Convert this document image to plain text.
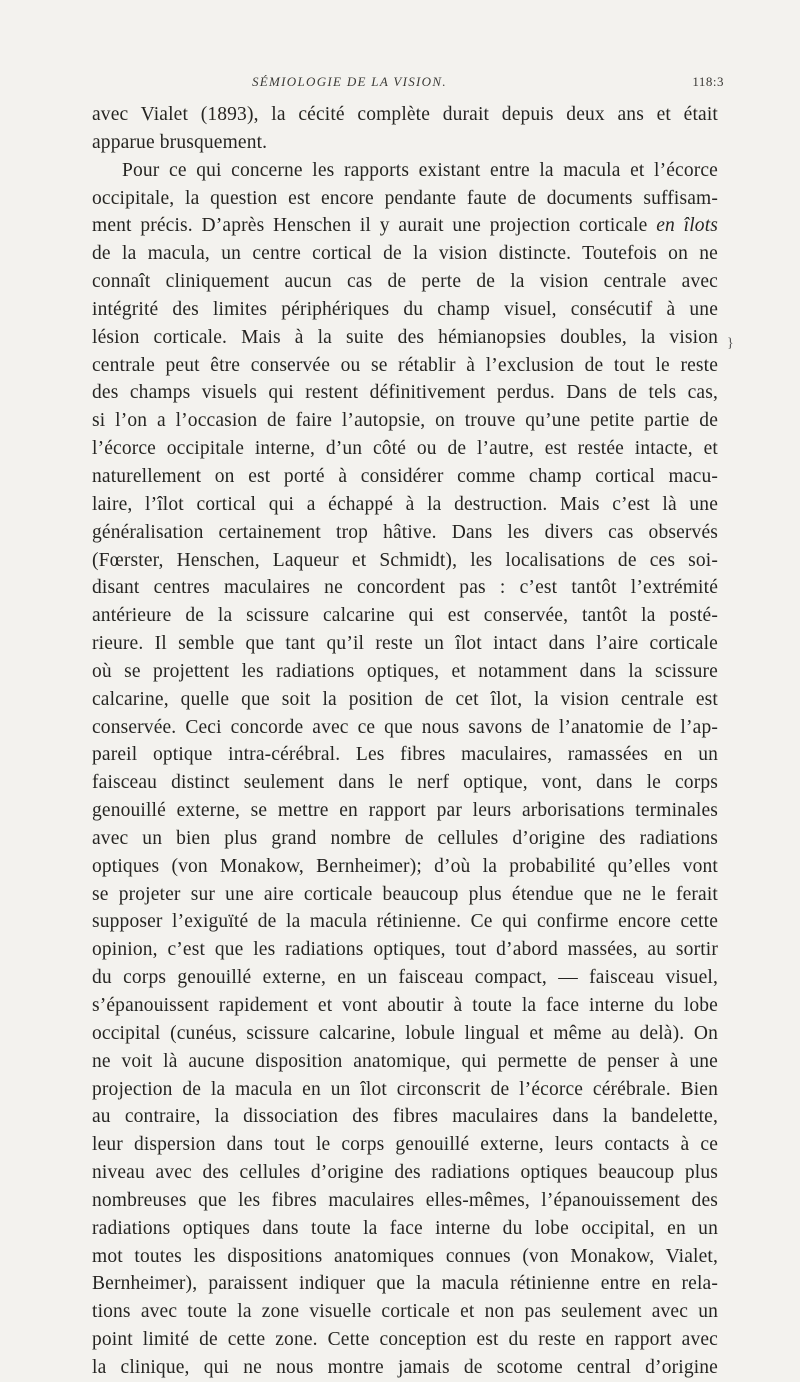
SÉMIOLOGIE DE LA VISION.	118:3
}
avec Vialet (1893), la cécité complète durait depuis deux ans et était
apparue brusquement.
Pour ce qui concerne les rapports existant entre la macula et l’écorce
occipitale, la question est encore pendante faute de documents suffisam-
ment précis. D’après Henschen il y aurait une projection corticale en îlots
de la macula, un centre cortical de la vision distincte. Toutefois on ne
connaît cliniquement aucun cas de perte de la vision centrale avec
intégrité des limites périphériques du champ visuel, consécutif à une
lésion corticale. Mais à la suite des hémianopsies doubles, la vision
centrale peut être conservée ou se rétablir à l’exclusion de tout le reste
des champs visuels qui restent définitivement perdus. Dans de tels cas,
si l’on a l’occasion de faire l’autopsie, on trouve qu’une petite partie de
l’écorce occipitale interne, d’un côté ou de l’autre, est restée intacte, et
naturellement on est porté à considérer comme champ cortical macu-
laire, l’îlot cortical qui a échappé à la destruction. Mais c’est là une
généralisation certainement trop hâtive. Dans les divers cas observés
(Fœrster, Henschen, Laqueur et Schmidt), les localisations de ces soi-
disant centres maculaires ne concordent pas : c’est tantôt l’extrémité
antérieure de la scissure calcarine qui est conservée, tantôt la posté-
rieure. Il semble que tant qu’il reste un îlot intact dans l’aire corticale
où se projettent les radiations optiques, et notamment dans la scissure
calcarine, quelle que soit la position de cet îlot, la vision centrale est
conservée. Ceci concorde avec ce que nous savons de l’anatomie de l’ap-
pareil optique intra-cérébral. Les fibres maculaires, ramassées en un
faisceau distinct seulement dans le nerf optique, vont, dans le corps
genouillé externe, se mettre en rapport par leurs arborisations terminales
avec un bien plus grand nombre de cellules d’origine des radiations
optiques (von Monakow, Bernheimer); d’où la probabilité qu’elles vont
se projeter sur une aire corticale beaucoup plus étendue que ne le ferait
supposer l’exiguïté de la macula rétinienne. Ce qui confirme encore cette
opinion, c’est que les radiations optiques, tout d’abord massées, au sortir
du corps genouillé externe, en un faisceau compact, — faisceau visuel,
s’épanouissent rapidement et vont aboutir à toute la face interne du lobe
occipital (cunéus, scissure calcarine, lobule lingual et même au delà). On
ne voit là aucune disposition anatomique, qui permette de penser à une
projection de la macula en un îlot circonscrit de l’écorce cérébrale. Bien
au contraire, la dissociation des fibres maculaires dans la bandelette,
leur dispersion dans tout le corps genouillé externe, leurs contacts à ce
niveau avec des cellules d’origine des radiations optiques beaucoup plus
nombreuses que les fibres maculaires elles-mêmes, l’épanouissement des
radiations optiques dans toute la face interne du lobe occipital, en un
mot toutes les dispositions anatomiques connues (von Monakow, Vialet,
Bernheimer), paraissent indiquer que la macula rétinienne entre en rela-
tions avec toute la zone visuelle corticale et non pas seulement avec un
point limité de cette zone. Cette conception est du reste en rapport avec
la clinique, qui ne nous montre jamais de scotome central d’origine
